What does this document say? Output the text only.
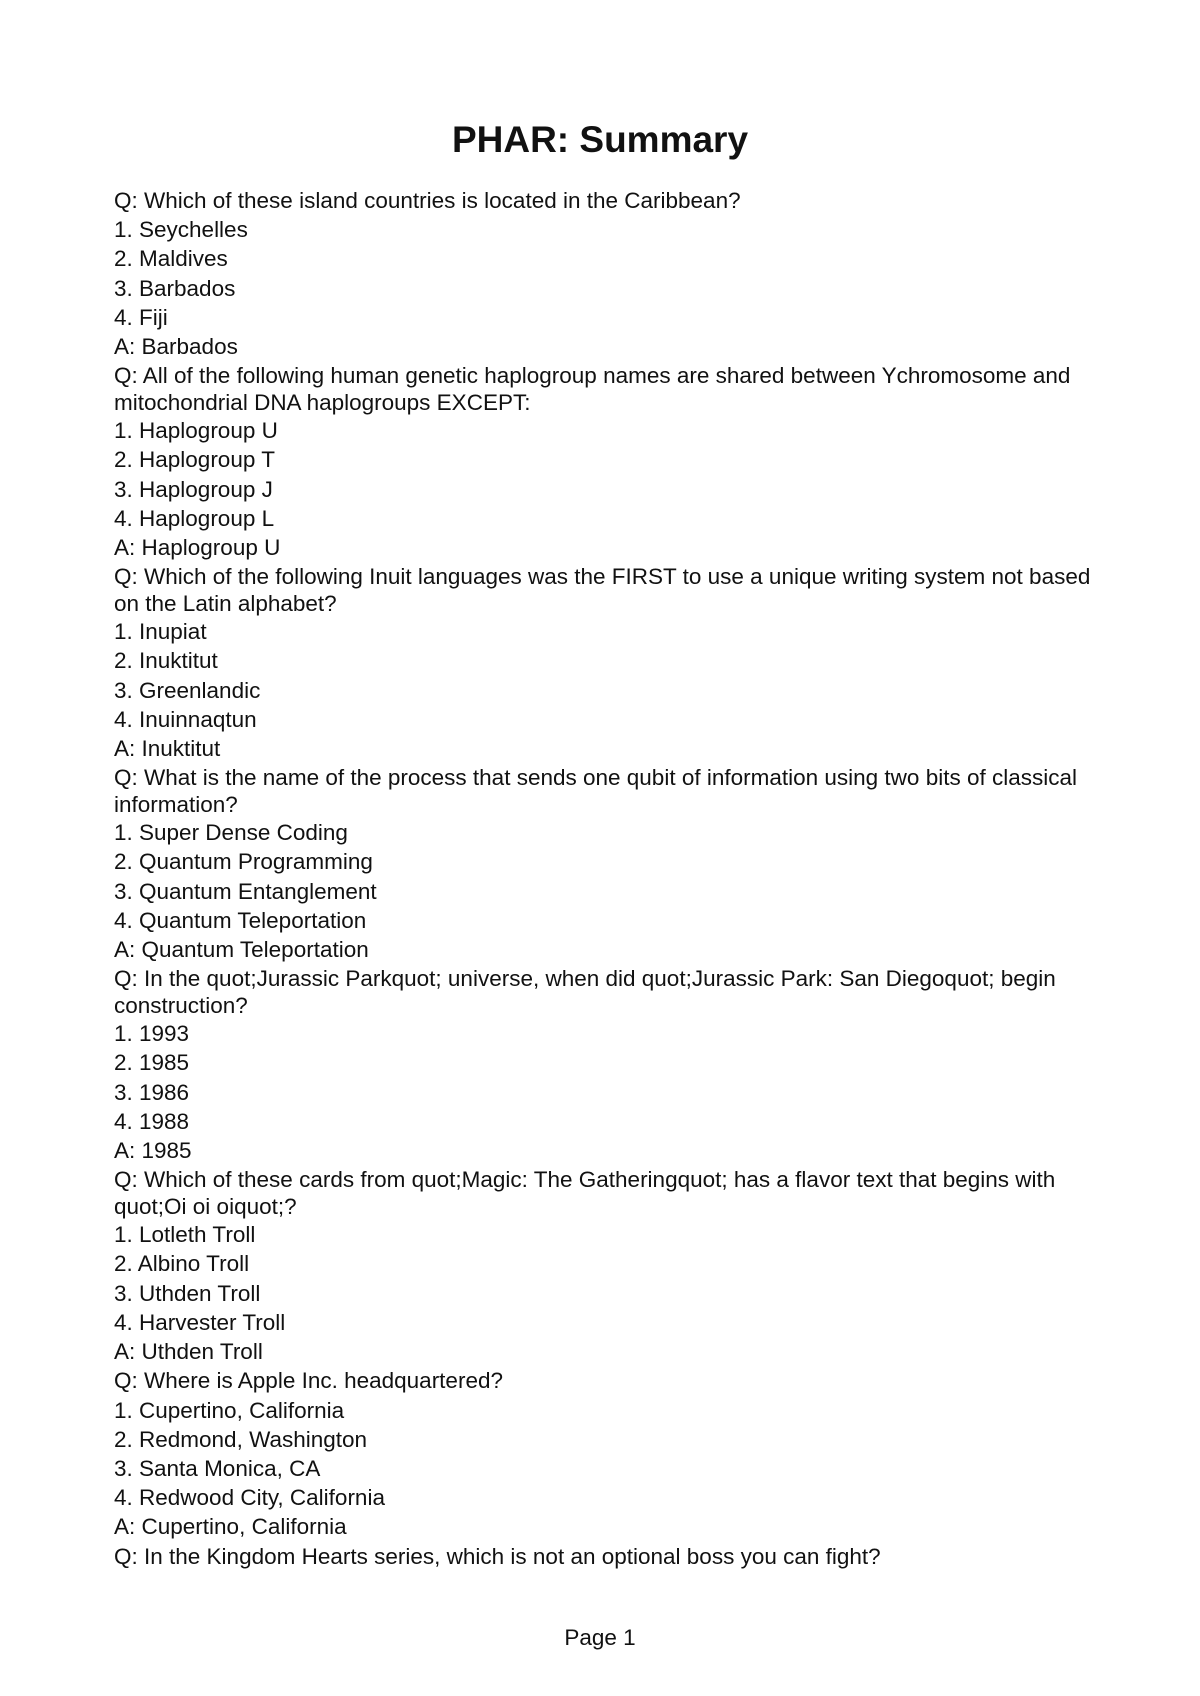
PHAR: Summary

Q: Which of these island countries is located in the Caribbean?

1. Seychelles

2. Maldives

3. Barbados

4. Fiji

A: Barbados

Q: All of the following human genetic haplogroup names are shared between Ychromosome and mitochondrial DNA haplogroups EXCEPT:

1. Haplogroup U

2. Haplogroup T

3. Haplogroup J

4. Haplogroup L

A: Haplogroup U

Q: Which of the following Inuit languages was the FIRST to use a unique writing system not based on the Latin alphabet?

1. Inupiat

2. Inuktitut

3. Greenlandic

4. Inuinnaqtun

A: Inuktitut

Q: What is the name of the process that sends one qubit of information using two bits of classical information?

1. Super Dense Coding

2. Quantum Programming

3. Quantum Entanglement

4. Quantum Teleportation

A: Quantum Teleportation

Q: In the quot;Jurassic Parkquot; universe, when did quot;Jurassic Park: San Diegoquot; begin construction?

1. 1993

2. 1985

3. 1986

4. 1988

A: 1985

Q: Which of these cards from quot;Magic: The Gatheringquot; has a flavor text that begins with quot;Oi oi oiquot;?

1. Lotleth Troll

2. Albino Troll

3. Uthden Troll

4. Harvester Troll

A: Uthden Troll

Q: Where is Apple Inc. headquartered?

1. Cupertino, California

2. Redmond, Washington

3. Santa Monica, CA

4. Redwood City, California

A: Cupertino, California

Q: In the Kingdom Hearts series, which is not an optional boss you can fight?

Page 1
